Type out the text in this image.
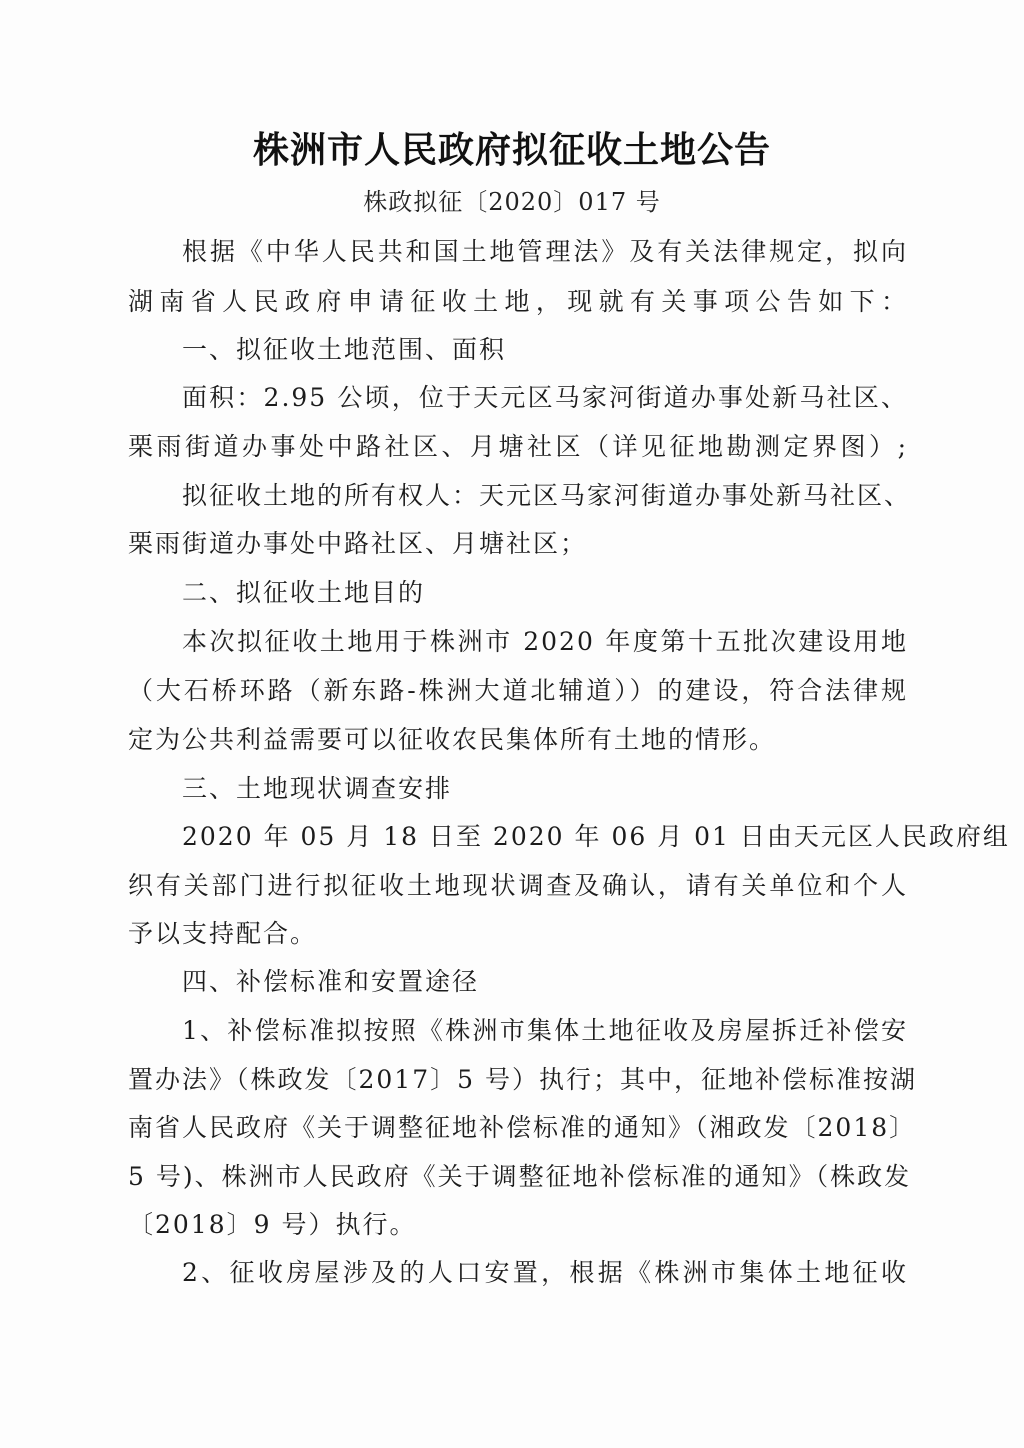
株洲市人民政府拟征收土地公告
株政拟征〔2020〕017 号
根据《中华人民共和国土地管理法》及有关法律规定，拟向
湖南省人民政府申请征收土地，现就有关事项公告如下：
一、拟征收土地范围、面积
面积：2.95 公顷，位于天元区马家河街道办事处新马社区、
栗雨街道办事处中路社区、月塘社区（详见征地勘测定界图）;
拟征收土地的所有权人：天元区马家河街道办事处新马社区、
栗雨街道办事处中路社区、月塘社区；
二、拟征收土地目的
本次拟征收土地用于株洲市 2020 年度第十五批次建设用地
（大石桥环路（新东路-株洲大道北辅道））的建设，符合法律规
定为公共利益需要可以征收农民集体所有土地的情形。
三、土地现状调查安排
2020 年 05 月 18 日至 2020 年 06 月 01 日由天元区人民政府组
织有关部门进行拟征收土地现状调查及确认，请有关单位和个人
予以支持配合。
四、补偿标准和安置途径
1、补偿标准拟按照《株洲市集体土地征收及房屋拆迁补偿安
置办法》（株政发〔2017〕5 号）执行；其中，征地补偿标准按湖
南省人民政府《关于调整征地补偿标准的通知》（湘政发〔2018〕
5 号)、株洲市人民政府《关于调整征地补偿标准的通知》（株政发
〔2018〕9 号）执行。
2、征收房屋涉及的人口安置，根据《株洲市集体土地征收
